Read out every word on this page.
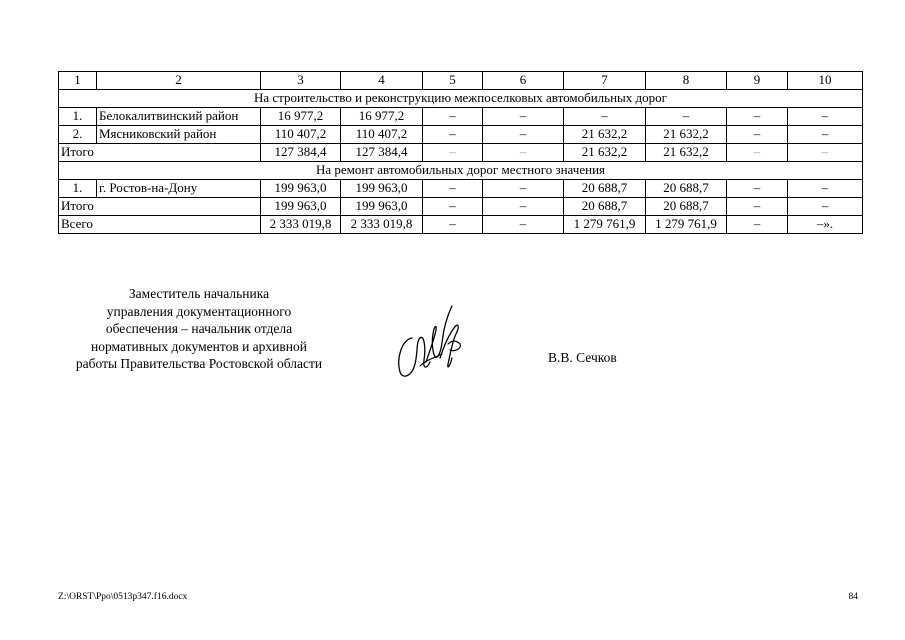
1	2	3	4	5	6	7	8	9	10
На строительство и реконструкцию межпоселковых автомобильных дорог									
1.	Белокалитвинский район	16 977,2	16 977,2	–	–	–	–	–	–
2.	Мясниковский район	110 407,2	110 407,2	–	–	21 632,2	21 632,2	–	–
Итого		127 384,4	127 384,4	–	–	21 632,2	21 632,2	–	–
На ремонт автомобильных дорог местного значения									
1.	г. Ростов-на-Дону	199 963,0	199 963,0	–	–	20 688,7	20 688,7	–	–
Итого		199 963,0	199 963,0	–	–	20 688,7	20 688,7	–	–
Всего		2 333 019,8	2 333 019,8	–	–	1 279 761,9	1 279 761,9	–	–».
Заместитель начальника
управления документационного
обеспечения – начальник отдела
нормативных документов и архивной
работы Правительства Ростовской области	В.В. Сечков
Z:\ORST\Ppo\0513p347.f16.docx	84
